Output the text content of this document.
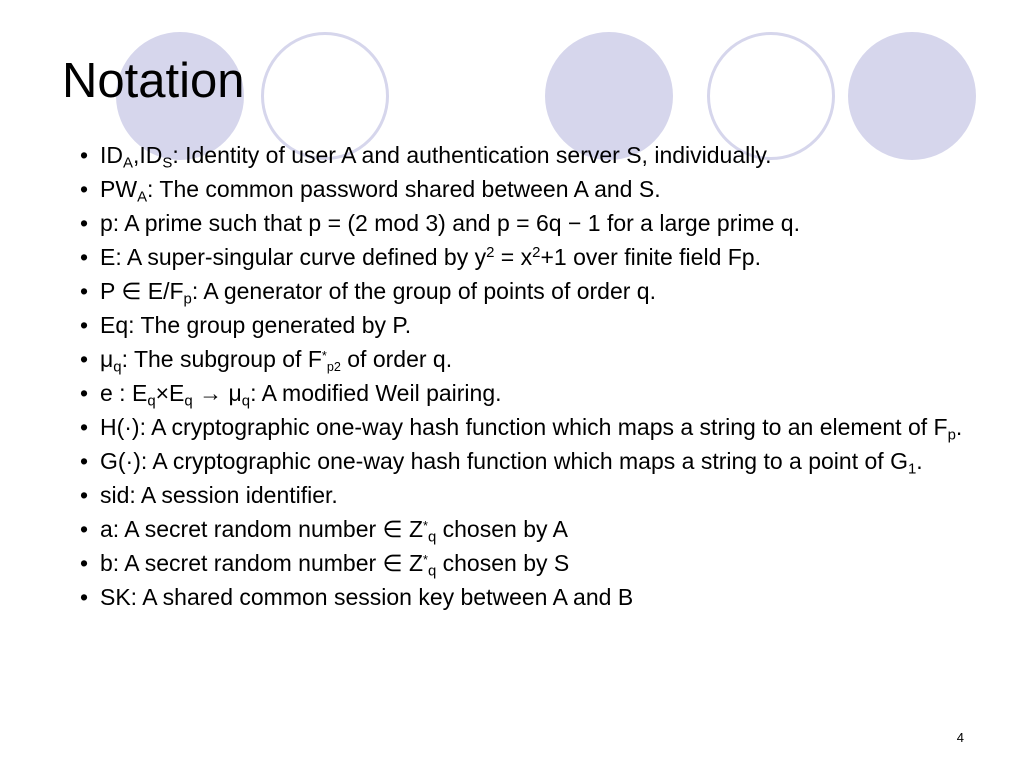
Notation
• $ID_A,ID_S$: Identity of user A and authentication server S, individually.
• $PW_A$: The common password shared between A and S.
• p: A prime such that p = (2 mod 3) and p = 6q − 1 for a large prime q.
• E: A super-singular curve defined by $y^2 = x^2+1$ over finite field Fp.
• P ∈ $E/F_p$: A generator of the group of points of order q.
• Eq: The group generated by P.
• $\mu_q$: The subgroup of $F^*_{p2}$ of order q.
• e : $E_q\times E_q \to \mu_q$: A modified Weil pairing.
• H(·): A cryptographic one-way hash function which maps a string to an element of $F_p$.
• G(·): A cryptographic one-way hash function which maps a string to a point of $G_1$.
• sid: A session identifier.
• a: A secret random number ∈ $Z^*_q$ chosen by A
• b: A secret random number ∈ $Z^*_q$ chosen by S
• SK: A shared common session key between A and B
4
